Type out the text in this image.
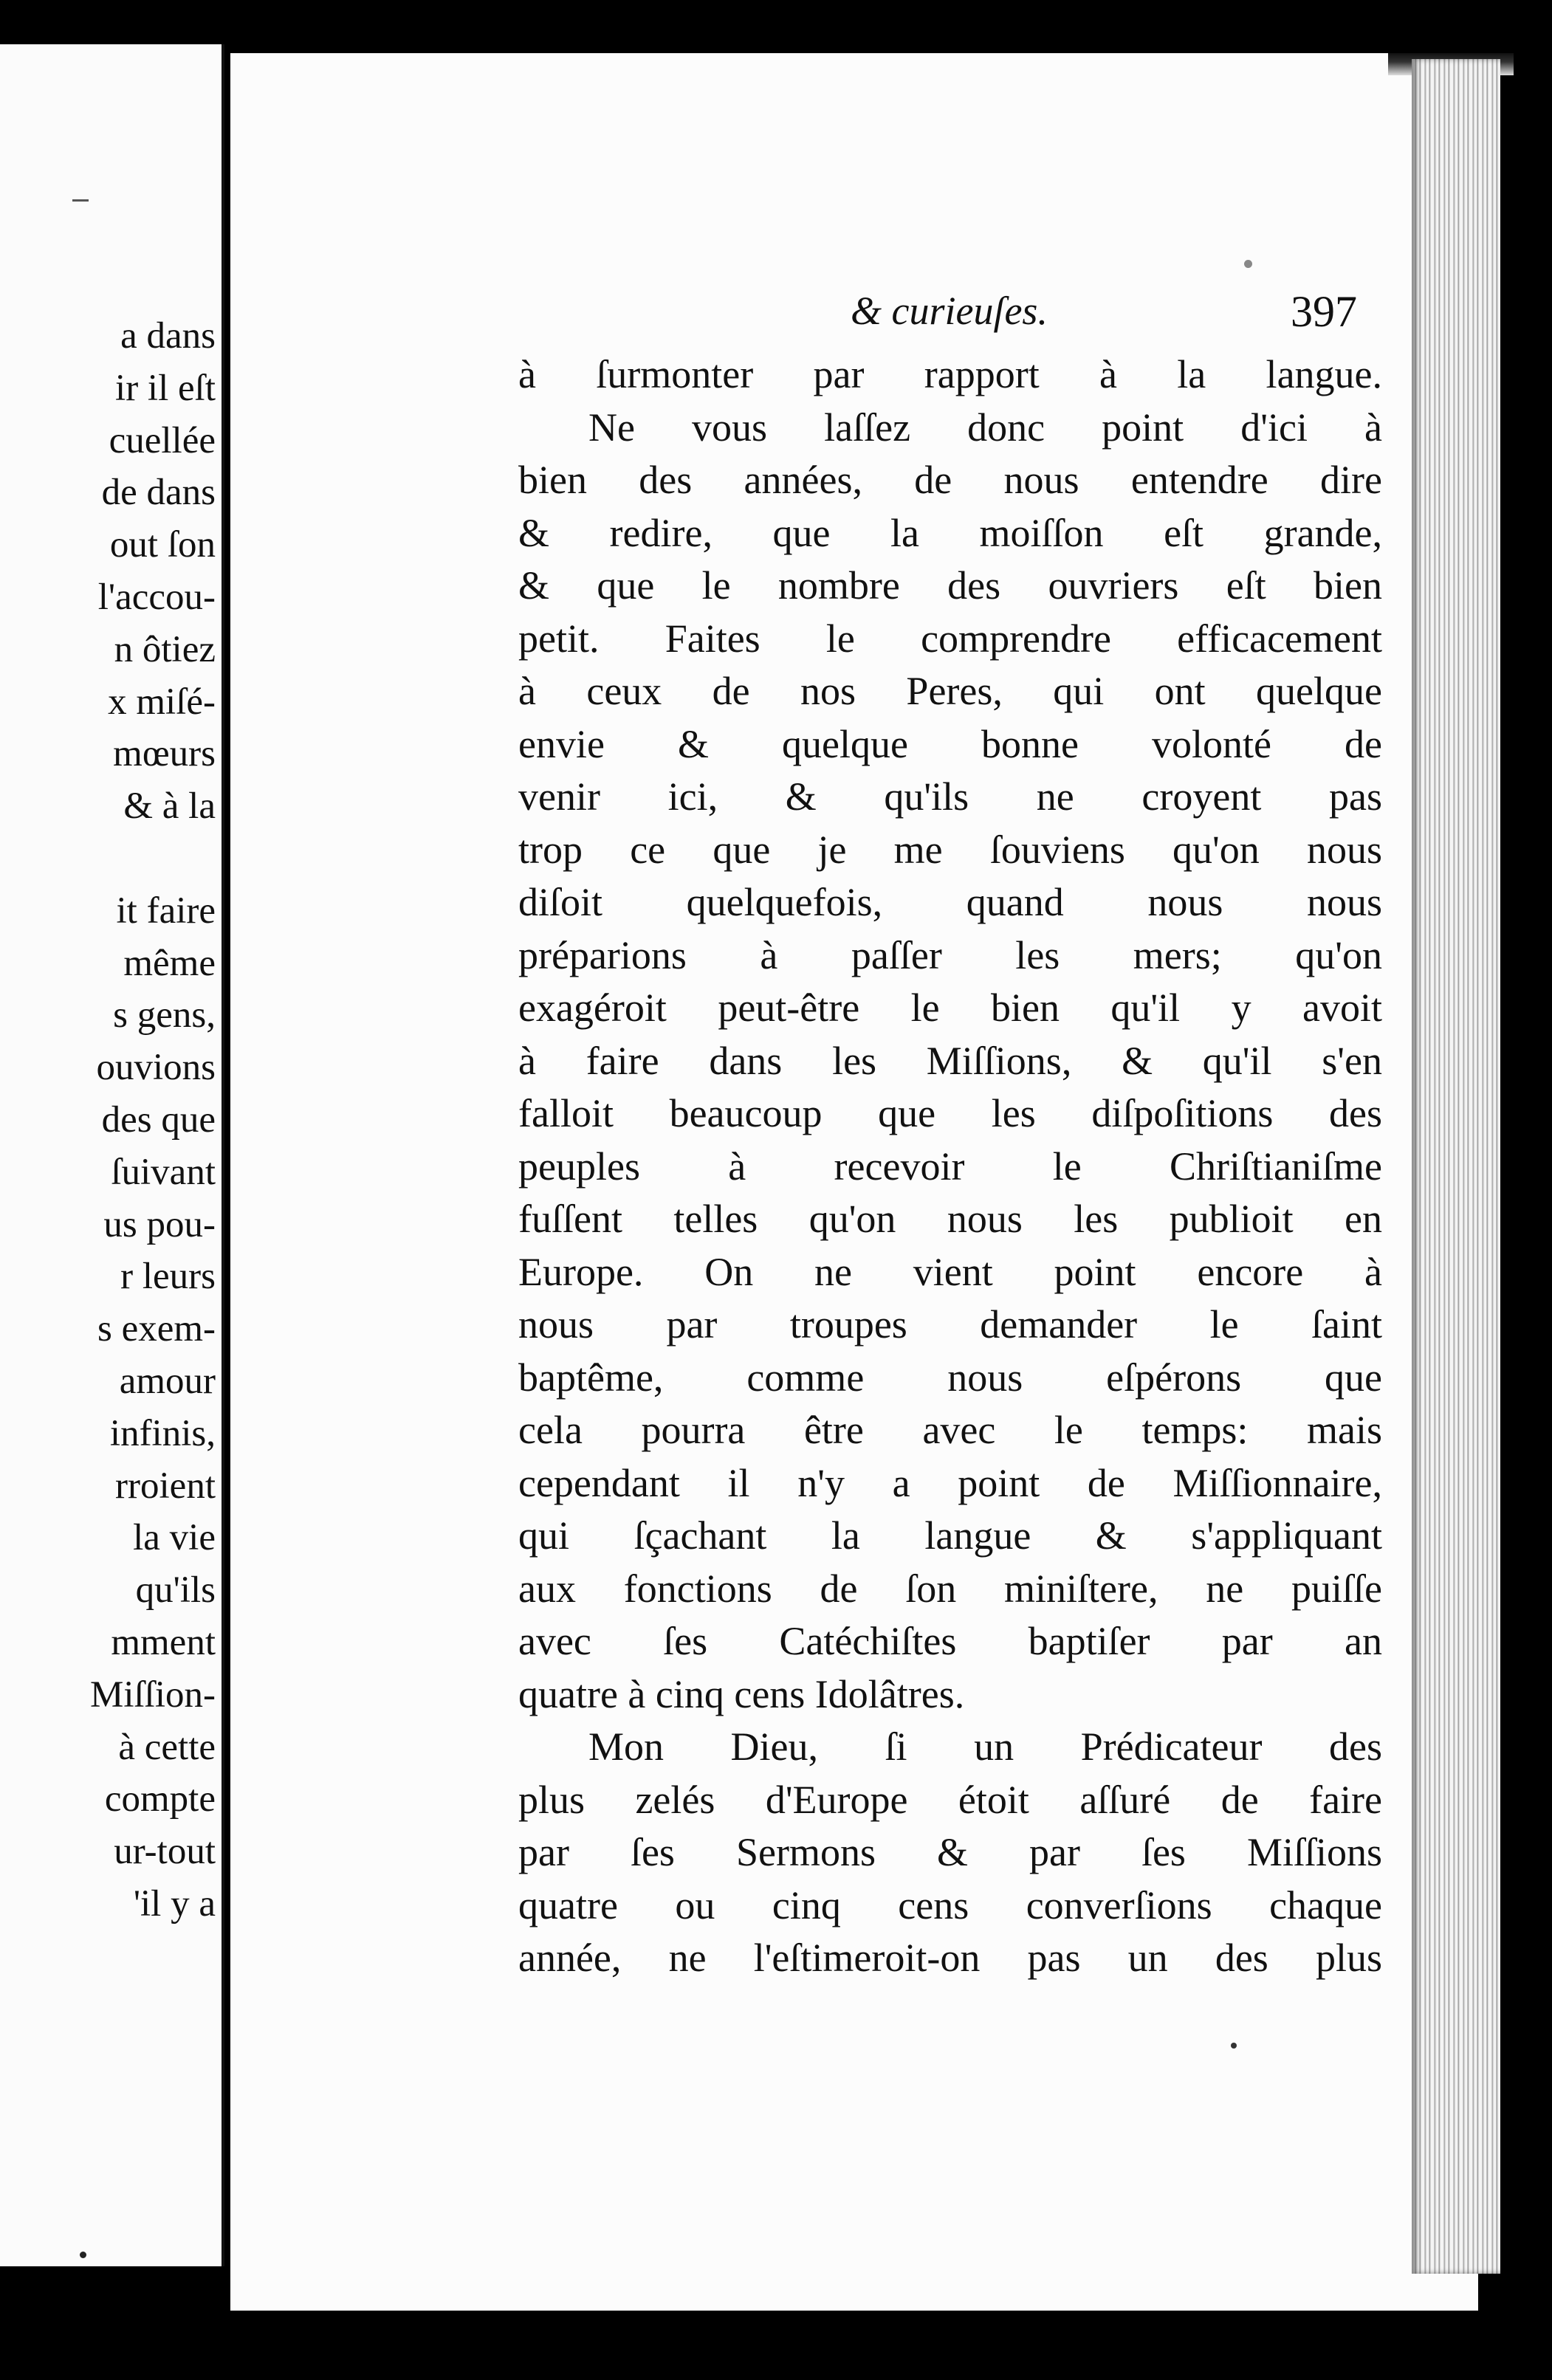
a dans
ir il eſt
cuellée
de dans
out ſon
l'accou-
n ôtiez
x miſé-
mœurs
& à la
it faire
même
s gens,
ouvions
des que
ſuivant
us pou-
r leurs
s exem-
amour
infinis,
rroient
la vie
qu'ils
mment
Miſſion-
à cette
compte
ur-tout
'il y a
& curieuſes.	397
à ſurmonter par rapport à la langue.
Ne vous laſſez donc point d'ici à
bien des années, de nous entendre dire
& redire, que la moiſſon eſt grande,
& que le nombre des ouvriers eſt bien
petit. Faites le comprendre efficacement
à ceux de nos Peres, qui ont quelque
envie & quelque bonne volonté de
venir ici, & qu'ils ne croyent pas
trop ce que je me ſouviens qu'on nous
diſoit quelquefois, quand nous nous
préparions à paſſer les mers; qu'on
exagéroit peut-être le bien qu'il y avoit
à faire dans les Miſſions, & qu'il s'en
falloit beaucoup que les diſpoſitions des
peuples à recevoir le Chriſtianiſme
fuſſent telles qu'on nous les publioit en
Europe. On ne vient point encore à
nous par troupes demander le ſaint
baptême, comme nous eſpérons que
cela pourra être avec le temps: mais
cependant il n'y a point de Miſſionnaire,
qui ſçachant la langue & s'appliquant
aux fonctions de ſon miniſtere, ne puiſſe
avec ſes Catéchiſtes baptiſer par an
quatre à cinq cens Idolâtres.
Mon Dieu, ſi un Prédicateur des
plus zelés d'Europe étoit aſſuré de faire
par ſes Sermons & par ſes Miſſions
quatre ou cinq cens converſions chaque
année, ne l'eſtimeroit-on pas un des plus
